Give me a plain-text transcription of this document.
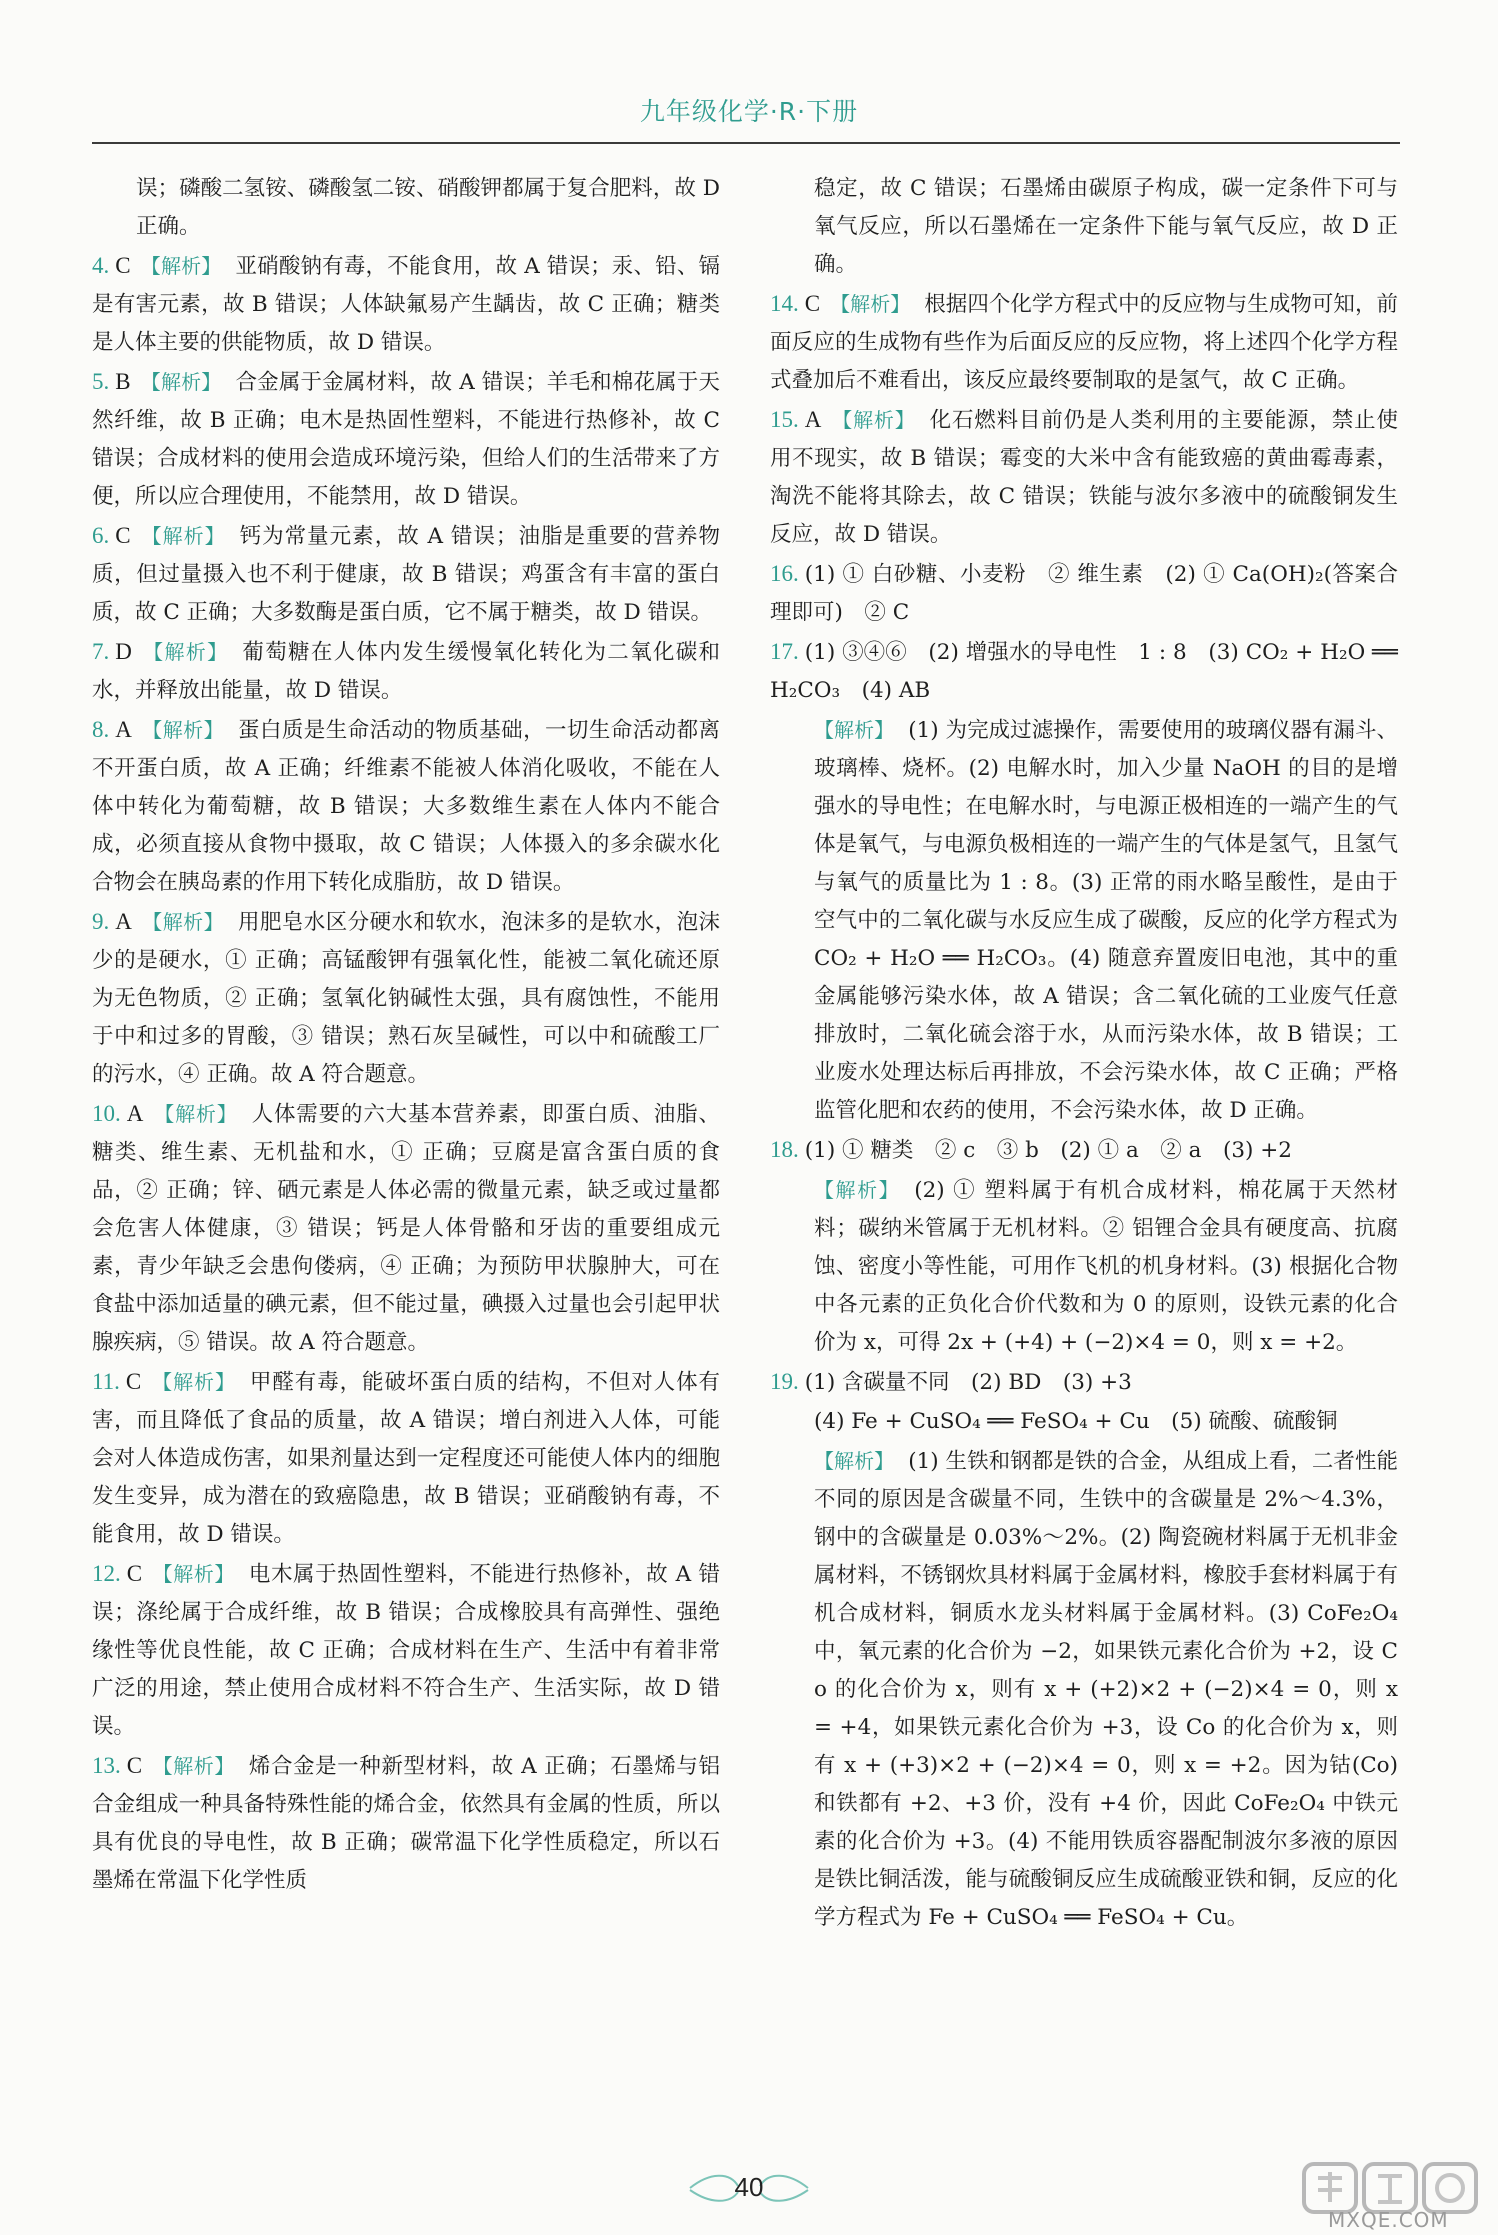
九年级化学·R·下册
误；磷酸二氢铵、磷酸氢二铵、硝酸钾都属于复合肥料，故 D 正确。
4. C 【解析】 亚硝酸钠有毒，不能食用，故 A 错误；汞、铅、镉是有害元素，故 B 错误；人体缺氟易产生龋齿，故 C 正确；糖类是人体主要的供能物质，故 D 错误。
5. B 【解析】 合金属于金属材料，故 A 错误；羊毛和棉花属于天然纤维，故 B 正确；电木是热固性塑料，不能进行热修补，故 C 错误；合成材料的使用会造成环境污染，但给人们的生活带来了方便，所以应合理使用，不能禁用，故 D 错误。
6. C 【解析】 钙为常量元素，故 A 错误；油脂是重要的营养物质，但过量摄入也不利于健康，故 B 错误；鸡蛋含有丰富的蛋白质，故 C 正确；大多数酶是蛋白质，它不属于糖类，故 D 错误。
7. D 【解析】 葡萄糖在人体内发生缓慢氧化转化为二氧化碳和水，并释放出能量，故 D 错误。
8. A 【解析】 蛋白质是生命活动的物质基础，一切生命活动都离不开蛋白质，故 A 正确；纤维素不能被人体消化吸收，不能在人体中转化为葡萄糖，故 B 错误；大多数维生素在人体内不能合成，必须直接从食物中摄取，故 C 错误；人体摄入的多余碳水化合物会在胰岛素的作用下转化成脂肪，故 D 错误。
9. A 【解析】 用肥皂水区分硬水和软水，泡沫多的是软水，泡沫少的是硬水，① 正确；高锰酸钾有强氧化性，能被二氧化硫还原为无色物质，② 正确；氢氧化钠碱性太强，具有腐蚀性，不能用于中和过多的胃酸，③ 错误；熟石灰呈碱性，可以中和硫酸工厂的污水，④ 正确。故 A 符合题意。
10. A 【解析】 人体需要的六大基本营养素，即蛋白质、油脂、糖类、维生素、无机盐和水，① 正确；豆腐是富含蛋白质的食品，② 正确；锌、硒元素是人体必需的微量元素，缺乏或过量都会危害人体健康，③ 错误；钙是人体骨骼和牙齿的重要组成元素，青少年缺乏会患佝偻病，④ 正确；为预防甲状腺肿大，可在食盐中添加适量的碘元素，但不能过量，碘摄入过量也会引起甲状腺疾病，⑤ 错误。故 A 符合题意。
11. C 【解析】 甲醛有毒，能破坏蛋白质的结构，不但对人体有害，而且降低了食品的质量，故 A 错误；增白剂进入人体，可能会对人体造成伤害，如果剂量达到一定程度还可能使人体内的细胞发生变异，成为潜在的致癌隐患，故 B 错误；亚硝酸钠有毒，不能食用，故 D 错误。
12. C 【解析】 电木属于热固性塑料，不能进行热修补，故 A 错误；涤纶属于合成纤维，故 B 错误；合成橡胶具有高弹性、强绝缘性等优良性能，故 C 正确；合成材料在生产、生活中有着非常广泛的用途，禁止使用合成材料不符合生产、生活实际，故 D 错误。
13. C 【解析】 烯合金是一种新型材料，故 A 正确；石墨烯与铝合金组成一种具备特殊性能的烯合金，依然具有金属的性质，所以具有优良的导电性，故 B 正确；碳常温下化学性质稳定，所以石墨烯在常温下化学性质
稳定，故 C 错误；石墨烯由碳原子构成，碳一定条件下可与氧气反应，所以石墨烯在一定条件下能与氧气反应，故 D 正确。
14. C 【解析】 根据四个化学方程式中的反应物与生成物可知，前面反应的生成物有些作为后面反应的反应物，将上述四个化学方程式叠加后不难看出，该反应最终要制取的是氢气，故 C 正确。
15. A 【解析】 化石燃料目前仍是人类利用的主要能源，禁止使用不现实，故 B 错误；霉变的大米中含有能致癌的黄曲霉毒素，淘洗不能将其除去，故 C 错误；铁能与波尔多液中的硫酸铜发生反应，故 D 错误。
16. (1) ① 白砂糖、小麦粉　② 维生素　(2) ① Ca(OH)₂(答案合理即可)　② C
17. (1) ③④⑥　(2) 增强水的导电性　1 : 8　(3) CO₂ + H₂O ══ H₂CO₃　(4) AB
【解析】 (1) 为完成过滤操作，需要使用的玻璃仪器有漏斗、玻璃棒、烧杯。(2) 电解水时，加入少量 NaOH 的目的是增强水的导电性；在电解水时，与电源正极相连的一端产生的气体是氧气，与电源负极相连的一端产生的气体是氢气，且氢气与氧气的质量比为 1 : 8。(3) 正常的雨水略呈酸性，是由于空气中的二氧化碳与水反应生成了碳酸，反应的化学方程式为 CO₂ + H₂O ══ H₂CO₃。(4) 随意弃置废旧电池，其中的重金属能够污染水体，故 A 错误；含二氧化硫的工业废气任意排放时，二氧化硫会溶于水，从而污染水体，故 B 错误；工业废水处理达标后再排放，不会污染水体，故 C 正确；严格监管化肥和农药的使用，不会污染水体，故 D 正确。
18. (1) ① 糖类　② c　③ b　(2) ① a　② a　(3) +2
【解析】 (2) ① 塑料属于有机合成材料，棉花属于天然材料；碳纳米管属于无机材料。② 铝锂合金具有硬度高、抗腐蚀、密度小等性能，可用作飞机的机身材料。(3) 根据化合物中各元素的正负化合价代数和为 0 的原则，设铁元素的化合价为 x，可得 2x + (+4) + (−2)×4 = 0，则 x = +2。
19. (1) 含碳量不同　(2) BD　(3) +3
(4) Fe + CuSO₄ ══ FeSO₄ + Cu　(5) 硫酸、硫酸铜
【解析】 (1) 生铁和钢都是铁的合金，从组成上看，二者性能不同的原因是含碳量不同，生铁中的含碳量是 2%～4.3%，钢中的含碳量是 0.03%～2%。(2) 陶瓷碗材料属于无机非金属材料，不锈钢炊具材料属于金属材料，橡胶手套材料属于有机合成材料，铜质水龙头材料属于金属材料。(3) CoFe₂O₄ 中，氧元素的化合价为 −2，如果铁元素化合价为 +2，设 Co 的化合价为 x，则有 x + (+2)×2 + (−2)×4 = 0，则 x = +4，如果铁元素化合价为 +3，设 Co 的化合价为 x，则有 x + (+3)×2 + (−2)×4 = 0，则 x = +2。因为钴(Co)和铁都有 +2、+3 价，没有 +4 价，因此 CoFe₂O₄ 中铁元素的化合价为 +3。(4) 不能用铁质容器配制波尔多液的原因是铁比铜活泼，能与硫酸铜反应生成硫酸亚铁和铜，反应的化学方程式为 Fe + CuSO₄ ══ FeSO₄ + Cu。
40
MXQE.COM
